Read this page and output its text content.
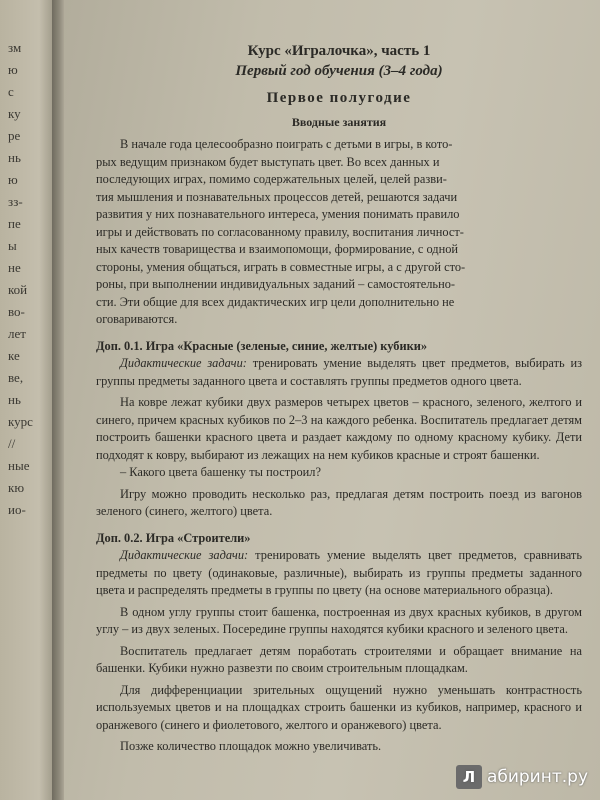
зм
ю
с
ку
ре
нь
ю
зз-
пе
ы
не
кой
во-
лет
ке
ве,
нь
курс
//
ные
кю
ио-
Курс «Игралочка», часть 1
Первый год обучения (3–4 года)
Первое полугодие
Вводные занятия
В начале года целесообразно поиграть с детьми в игры, в кото-
рых ведущим признаком будет выступать цвет. Во всех данных и
последующих играх, помимо содержательных целей, целей разви-
тия мышления и познавательных процессов детей, решаются задачи
развития у них познавательного интереса, умения понимать правило
игры и действовать по согласованному правилу, воспитания личност-
ных качеств товарищества и взаимопомощи, формирование, с одной
стороны, умения общаться, играть в совместные игры, а с другой сто-
роны, при выполнении индивидуальных заданий – самостоятельно-
сти. Эти общие для всех дидактических игр цели дополнительно не
оговариваются.
Доп. 0.1. Игра «Красные (зеленые, синие, желтые) кубики»

Дидактические задачи: тренировать умение выделять цвет предметов, выбирать из группы предметы заданного цвета и составлять группы предметов одного цвета.

На ковре лежат кубики двух размеров четырех цветов – красного, зеленого, желтого и синего, причем красных кубиков по 2–3 на каждого ребенка. Воспитатель предлагает детям построить башенки красного цвета и раздает каждому по одному красному кубику. Дети подходят к ковру, выбирают из лежащих на нем кубиков красные и строят башенки.

– Какого цвета башенку ты построил?

Игру можно проводить несколько раз, предлагая детям построить поезд из вагонов зеленого (синего, желтого) цвета.

Доп. 0.2. Игра «Строители»

Дидактические задачи: тренировать умение выделять цвет предметов, сравнивать предметы по цвету (одинаковые, различные), выбирать из группы предметы заданного цвета и распределять предметы в группы по цвету (на основе материального образца).

В одном углу группы стоит башенка, построенная из двух красных кубиков, в другом углу – из двух зеленых. Посередине группы находятся кубики красного и зеленого цвета.

Воспитатель предлагает детям поработать строителями и обращает внимание на башенки. Кубики нужно развезти по своим строительным площадкам.

Для дифференциации зрительных ощущений нужно уменьшать контрастность используемых цветов и на площадках строить башенки из кубиков, например, красного и оранжевого (синего и фиолетового, желтого и оранжевого) цвета.

Позже количество площадок можно увеличивать.

Л абиринт.ру
